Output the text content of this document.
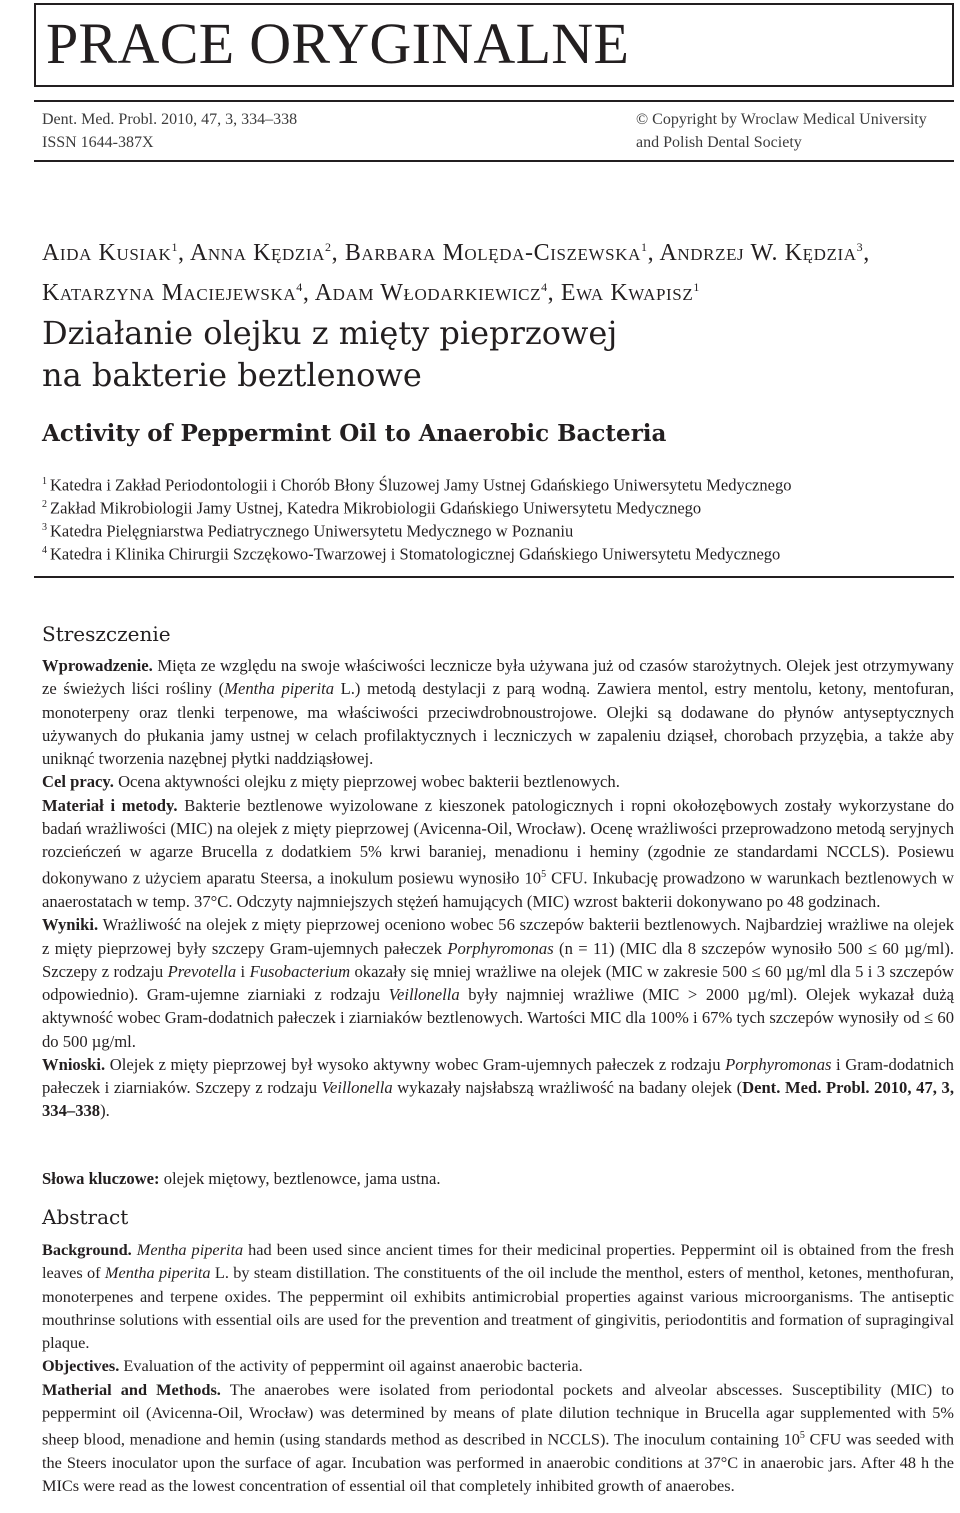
PRACE ORYGINALNE
Dent. Med. Probl. 2010, 47, 3, 334–338
ISSN 1644-387X
© Copyright by Wroclaw Medical University
and Polish Dental Society
Aida Kusiak$^1$, Anna Kędzia$^2$, Barbara Molęda-Ciszewska$^1$, Andrzej W. Kędzia$^3$,
Katarzyna Maciejewska$^4$, Adam Włodarkiewicz$^4$, Ewa Kwapisz$^1$
Działanie olejku z mięty pieprzowej
na bakterie beztlenowe
Activity of Peppermint Oil to Anaerobic Bacteria
$^1$ Katedra i Zakład Periodontologii i Chorób Błony Śluzowej Jamy Ustnej Gdańskiego Uniwersytetu Medycznego
$^2$ Zakład Mikrobiologii Jamy Ustnej, Katedra Mikrobiologii Gdańskiego Uniwersytetu Medycznego
$^3$ Katedra Pielęgniarstwa Pediatrycznego Uniwersytetu Medycznego w Poznaniu
$^4$ Katedra i Klinika Chirurgii Szczękowo-Twarzowej i Stomatologicznej Gdańskiego Uniwersytetu Medycznego
Streszczenie
Wprowadzenie. Mięta ze względu na swoje właściwości lecznicze była używana już od czasów starożytnych. Olejek jest otrzymywany ze świeżych liści rośliny (Mentha piperita L.) metodą destylacji z parą wodną. Zawiera mentol, estry mentolu, ketony, mentofuran, monoterpeny oraz tlenki terpenowe, ma właściwości przeciwdrobnoustrojowe. Olejki są dodawane do płynów antyseptycznych używanych do płukania jamy ustnej w celach profilaktycznych i leczniczych w zapaleniu dziąseł, chorobach przyzębia, a także aby uniknąć tworzenia nazębnej płytki naddziąsłowej.
Cel pracy. Ocena aktywności olejku z mięty pieprzowej wobec bakterii beztlenowych.
Materiał i metody. Bakterie beztlenowe wyizolowane z kieszonek patologicznych i ropni okołozębowych zostały wykorzystane do badań wrażliwości (MIC) na olejek z mięty pieprzowej (Avicenna-Oil, Wrocław). Ocenę wrażliwości przeprowadzono metodą seryjnych rozcieńczeń w agarze Brucella z dodatkiem 5% krwi baraniej, menadionu i heminy (zgodnie ze standardami NCCLS). Posiewu dokonywano z użyciem aparatu Steersa, a inokulum posiewu wynosiło $10^5$ CFU. Inkubację prowadzono w warunkach beztlenowych w anaerostatach w temp. 37°C. Odczyty najmniejszych stężeń hamujących (MIC) wzrost bakterii dokonywano po 48 godzinach.
Wyniki. Wrażliwość na olejek z mięty pieprzowej oceniono wobec 56 szczepów bakterii beztlenowych. Najbardziej wrażliwe na olejek z mięty pieprzowej były szczepy Gram-ujemnych pałeczek Porphyromonas (n = 11) (MIC dla 8 szczepów wynosiło 500 ≤ 60 µg/ml). Szczepy z rodzaju Prevotella i Fusobacterium okazały się mniej wrażliwe na olejek (MIC w zakresie 500 ≤ 60 µg/ml dla 5 i 3 szczepów odpowiednio). Gram-ujemne ziarniaki z rodzaju Veillonella były najmniej wrażliwe (MIC > 2000 µg/ml). Olejek wykazał dużą aktywność wobec Gram-dodatnich pałeczek i ziarniaków beztlenowych. Wartości MIC dla 100% i 67% tych szczepów wynosiły od ≤ 60 do 500 µg/ml.
Wnioski. Olejek z mięty pieprzowej był wysoko aktywny wobec Gram-ujemnych pałeczek z rodzaju Porphyromonas i Gram-dodatnich pałeczek i ziarniaków. Szczepy z rodzaju Veillonella wykazały najsłabszą wrażliwość na badany olejek (Dent. Med. Probl. 2010, 47, 3, 334–338).
Słowa kluczowe: olejek miętowy, beztlenowce, jama ustna.
Abstract
Background. Mentha piperita had been used since ancient times for their medicinal properties. Peppermint oil is obtained from the fresh leaves of Mentha piperita L. by steam distillation. The constituents of the oil include the menthol, esters of menthol, ketones, menthofuran, monoterpenes and terpene oxides. The peppermint oil exhibits antimicrobial properties against various microorganisms. The antiseptic mouthrinse solutions with essential oils are used for the prevention and treatment of gingivitis, periodontitis and formation of supragingival plaque.
Objectives. Evaluation of the activity of peppermint oil against anaerobic bacteria.
Matherial and Methods. The anaerobes were isolated from periodontal pockets and alveolar abscesses. Susceptibility (MIC) to peppermint oil (Avicenna-Oil, Wrocław) was determined by means of plate dilution technique in Brucella agar supplemented with 5% sheep blood, menadione and hemin (using standards method as described in NCCLS). The inoculum containing $10^5$ CFU was seeded with the Steers inoculator upon the surface of agar. Incubation was performed in anaerobic conditions at 37°C in anaerobic jars. After 48 h the MICs were read as the lowest concentration of essential oil that completely inhibited growth of anaerobes.
